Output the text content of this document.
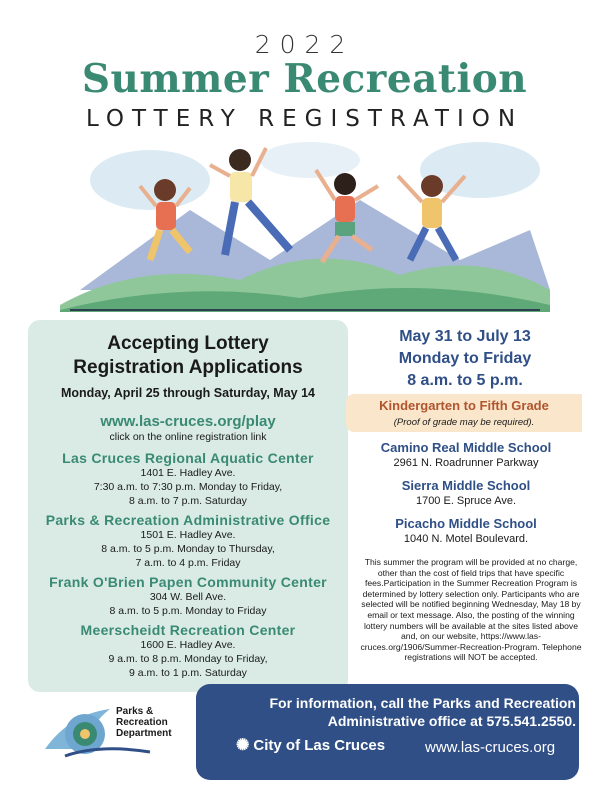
2022
Summer Recreation
LOTTERY REGISTRATION
Accepting Lottery
Registration Applications
Monday, April 25 through Saturday, May 14
www.las-cruces.org/play
click on the online registration link
Las Cruces Regional Aquatic Center
1401 E. Hadley Ave.
7:30 a.m. to 7:30 p.m. Monday to Friday,
8 a.m. to 7 p.m. Saturday
Parks & Recreation Administrative Office
1501 E. Hadley Ave.
8 a.m. to 5 p.m. Monday to Thursday,
7 a.m. to 4 p.m. Friday
Frank O'Brien Papen Community Center
304 W. Bell Ave.
8 a.m. to 5 p.m. Monday to Friday
Meerscheidt Recreation Center
1600 E. Hadley Ave.
9 a.m. to 8 p.m. Monday to Friday,
9 a.m. to 1 p.m. Saturday
May 31 to July 13
Monday to Friday
8 a.m. to 5 p.m.
Kindergarten to Fifth Grade
(Proof of grade may be required).
Camino Real Middle School
2961 N. Roadrunner Parkway
Sierra Middle School
1700 E. Spruce Ave.
Picacho Middle School
1040 N. Motel Boulevard.
This summer the program will be provided at no charge, other than the cost of field trips that have specific fees.Participation in the Summer Recreation Program is determined by lottery selection only. Participants who are selected will be notified beginning Wednesday, May 18 by email or text message. Also, the posting of the winning lottery numbers will be available at the sites listed above and, on our website, https://www.las-cruces.org/1906/Summer-Recreation-Program. Telephone registrations will NOT be accepted.
Parks &
Recreation
Department
For information, call the Parks and Recreation
Administrative office at 575.541.2550.
✺ City of Las Cruces	www.las-cruces.org
